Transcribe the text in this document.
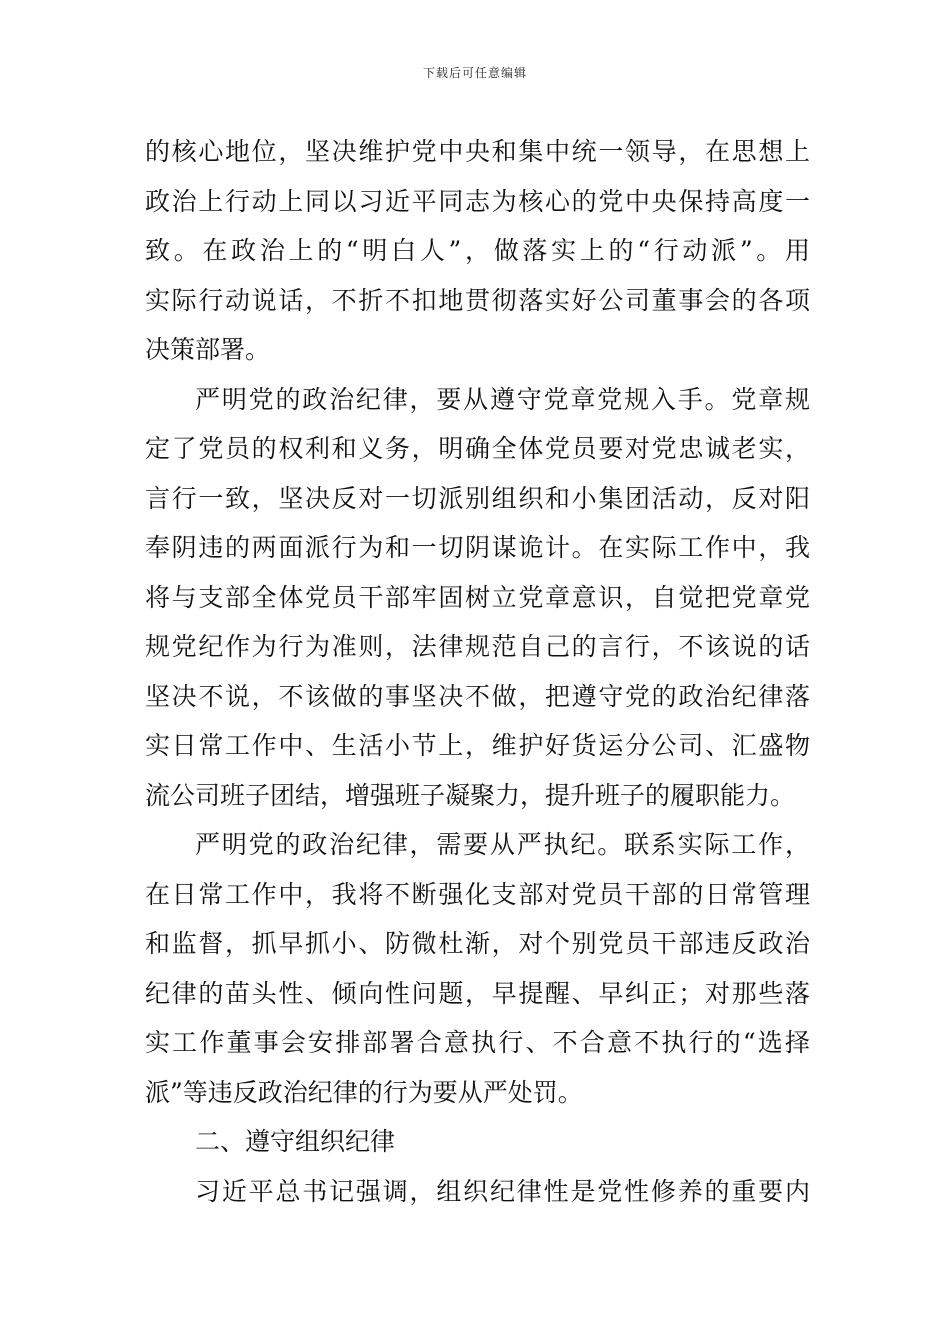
下载后可任意编辑
的核心地位，坚决维护党中央和集中统一领导，在思想上
政治上行动上同以习近平同志为核心的党中央保持高度一
致。在政治上的“明白人”，做落实上的“行动派”。用
实际行动说话，不折不扣地贯彻落实好公司董事会的各项
决策部署。
严明党的政治纪律，要从遵守党章党规入手。党章规
定了党员的权利和义务，明确全体党员要对党忠诚老实，
言行一致，坚决反对一切派别组织和小集团活动，反对阳
奉阴违的两面派行为和一切阴谋诡计。在实际工作中，我
将与支部全体党员干部牢固树立党章意识，自觉把党章党
规党纪作为行为准则，法律规范自己的言行，不该说的话
坚决不说，不该做的事坚决不做，把遵守党的政治纪律落
实日常工作中、生活小节上，维护好货运分公司、汇盛物
流公司班子团结，增强班子凝聚力，提升班子的履职能力。
严明党的政治纪律，需要从严执纪。联系实际工作，
在日常工作中，我将不断强化支部对党员干部的日常管理
和监督，抓早抓小、防微杜渐，对个别党员干部违反政治
纪律的苗头性、倾向性问题，早提醒、早纠正；对那些落
实工作董事会安排部署合意执行、不合意不执行的“选择
派”等违反政治纪律的行为要从严处罚。
二、遵守组织纪律
习近平总书记强调，组织纪律性是党性修养的重要内
